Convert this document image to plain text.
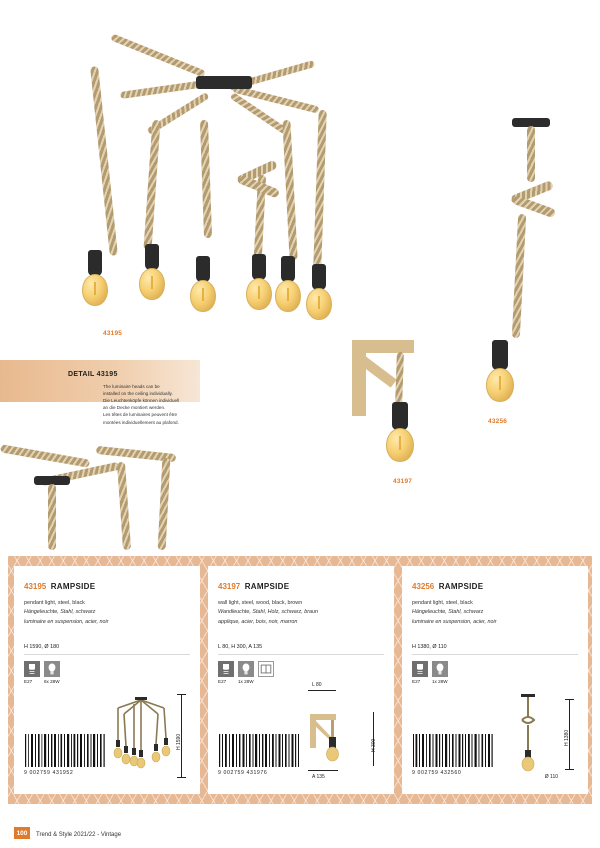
43195
43256
43197
DETAIL 43195
The luminaire heads can be
installed on the ceiling individually.
Die Leuchtenköpfe können individuell
an die Decke montiert werden.
Les têtes de luminaires peuvent être
montées individuellement au plafond.
43195 RAMPSIDE
pendant light, steel, black
Hängeleuchte, Stahl, schwarz
luminaire en suspension, acier, noir
H 1590, Ø 180
E27	6x 28W
9 002759 431952
H 1590
43197 RAMPSIDE
wall light, steel, wood, black, brown
Wandleuchte, Stahl, Holz, schwarz, braun
applique, acier, bois, noir, marron
L 80, H 300, A 135
E27	1x 28W
9 002759 431976
L 80
H 300
A 135
43256 RAMPSIDE
pendant light, steel, black
Hängeleuchte, Stahl, schwarz
luminaire en suspension, acier, noir
H 1380, Ø 110
E27	1x 28W
9 002759 432560
H 1380
Ø 110
100	Trend & Style 2021/22 - Vintage
